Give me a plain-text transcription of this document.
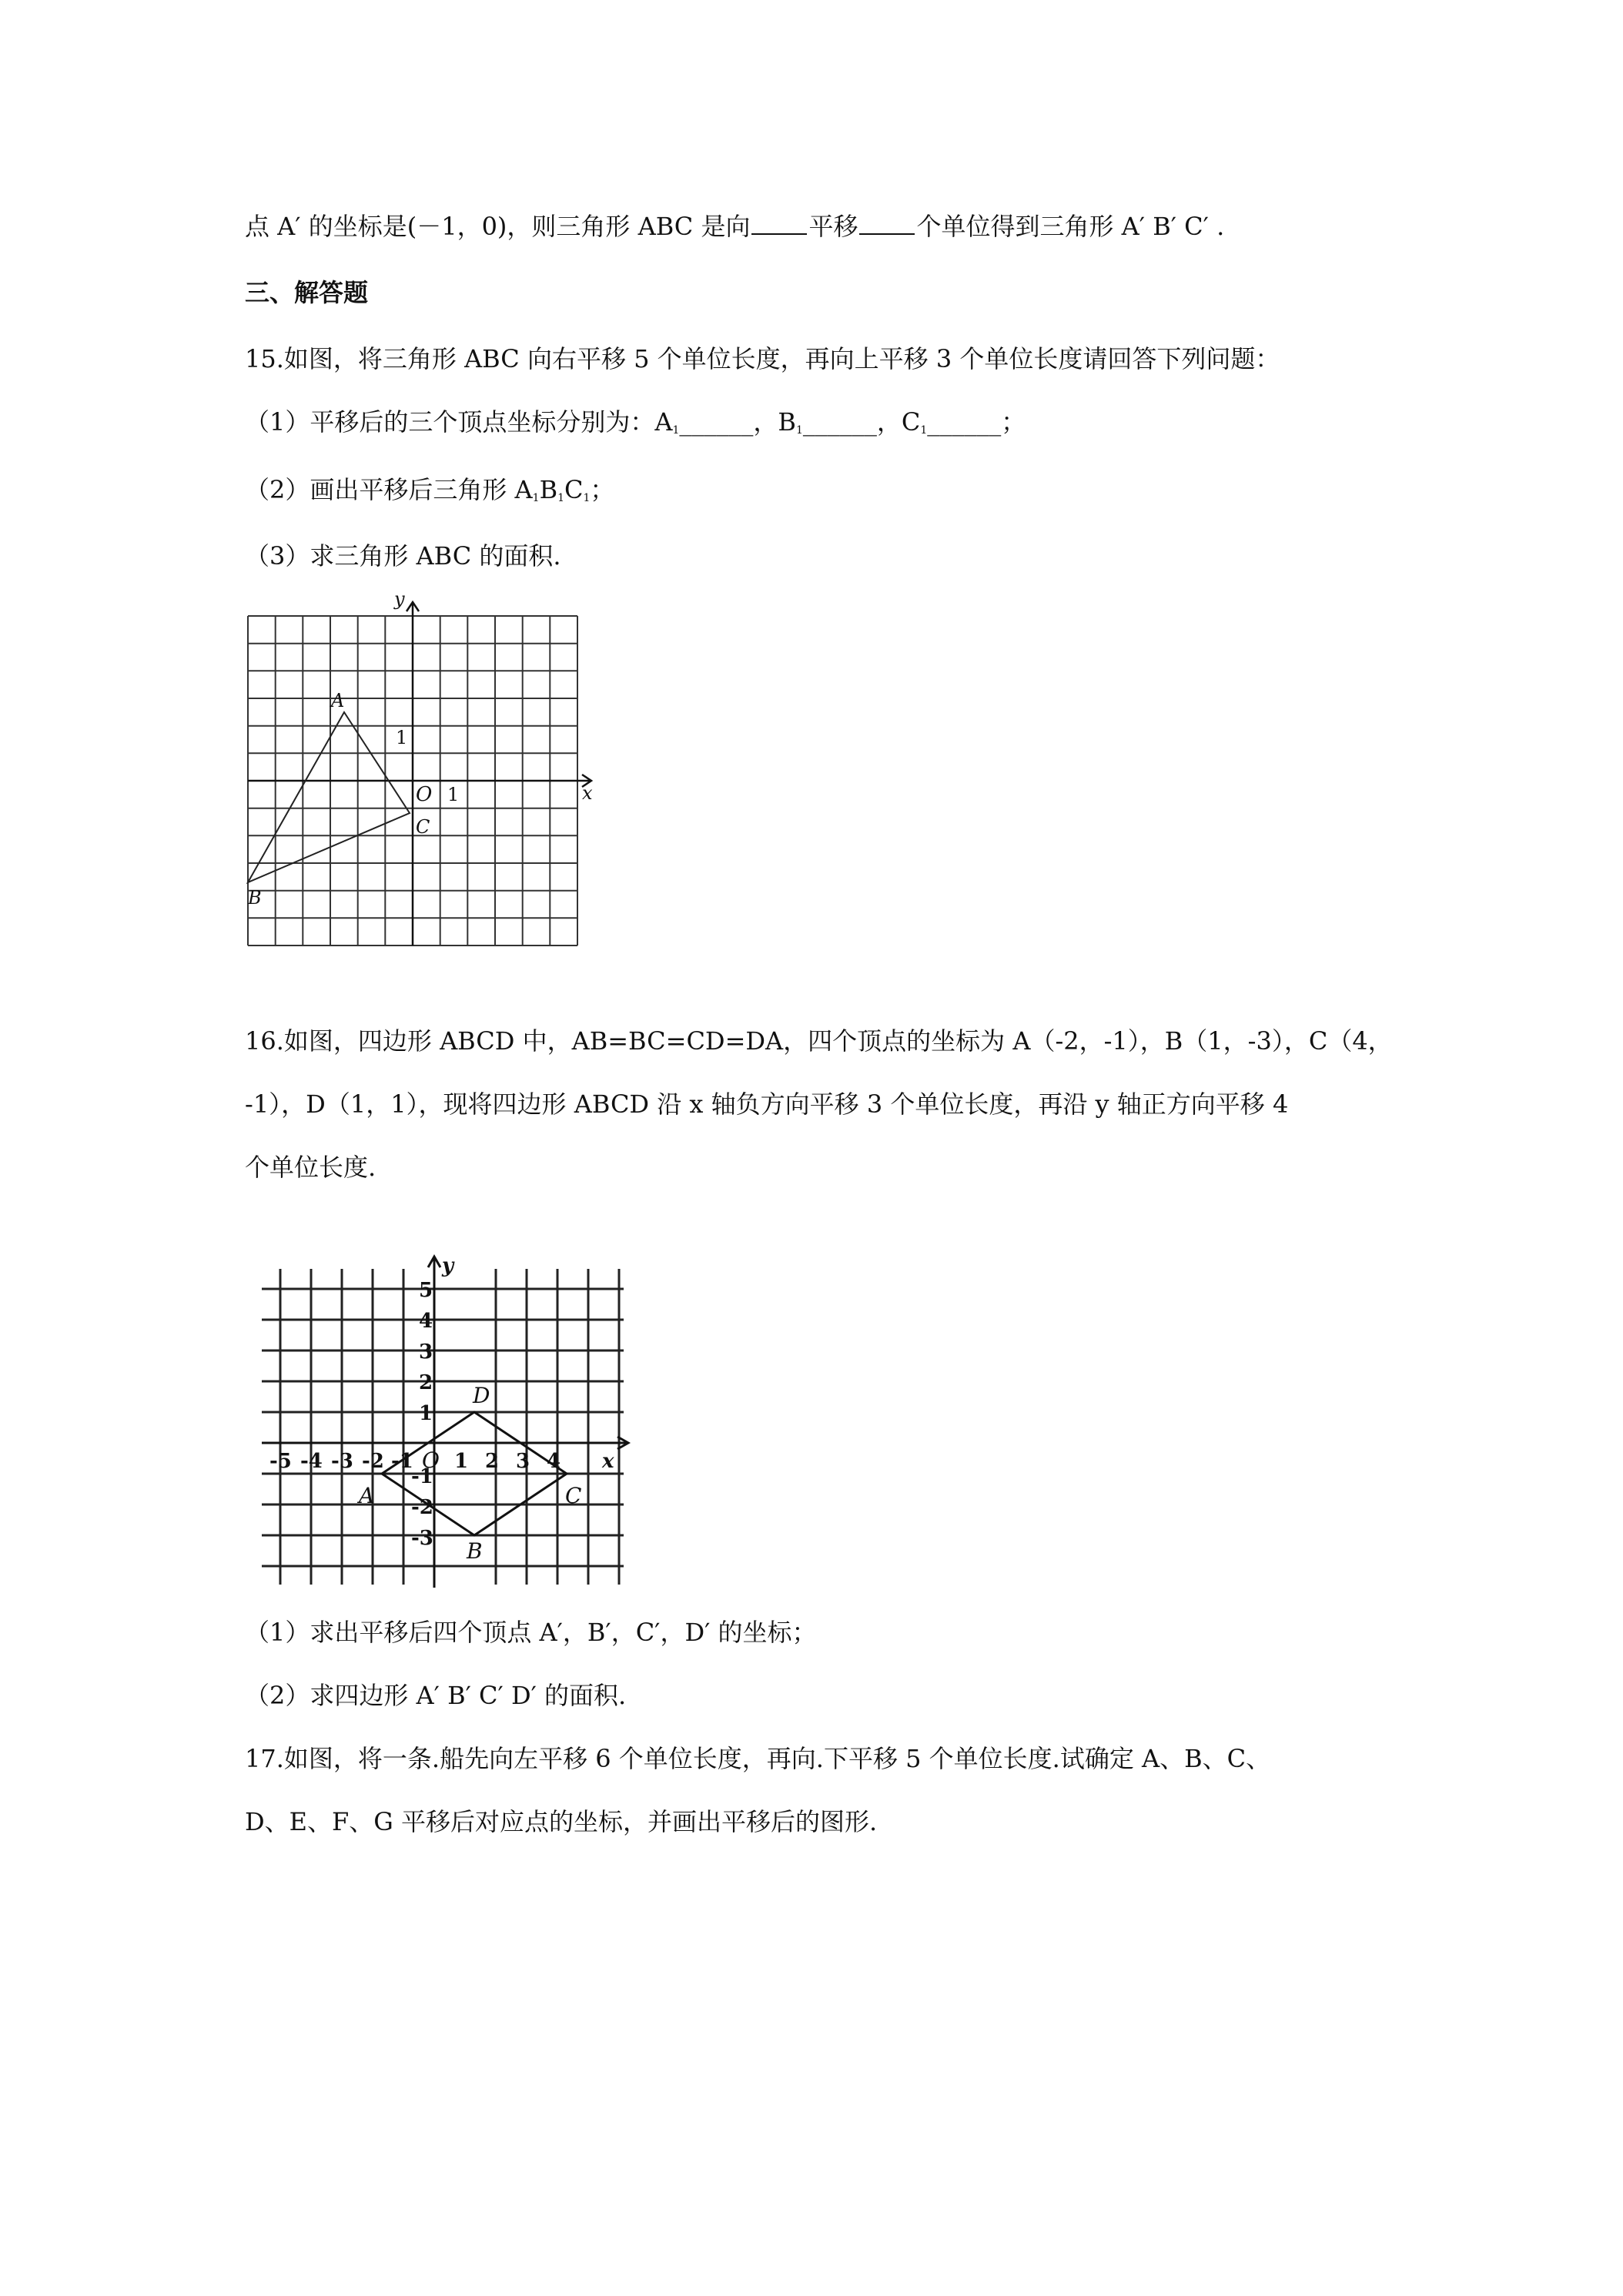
点 A′ 的坐标是(－1，0)，则三角形 ABC 是向 平移 个单位得到三角形 A′ B′ C′ .
三、解答题
15.如图，将三角形 ABC 向右平移 5 个单位长度，再向上平移 3 个单位长度请回答下列问题：
（1）平移后的三个顶点坐标分别为：$A_1\_\_\_\_\_\_$，$B_1\_\_\_\_\_\_$，$C_1\_\_\_\_\_\_$；
（2）画出平移后三角形 $A_1B_1C_1$；
（3）求三角形 ABC 的面积.
y
x
O 1
1
A
B
C
16.如图，四边形 ABCD 中，AB=BC=CD=DA，四个顶点的坐标为 A（-2，-1），B（1，-3），C（4，
-1），D（1，1），现将四边形 ABCD 沿 x 轴负方向平移 3 个单位长度，再沿 y 轴正方向平移 4
个单位长度.
y
x
O
-5 -4 -3 -2 -1 1 2 3 4
5
4
3
2
1
-1
-2
-3
A
B
C
D
（1）求出平移后四个顶点 A′，B′，C′，D′ 的坐标；
（2）求四边形 A′ B′ C′ D′ 的面积.
17.如图，将一条.船先向左平移 6 个单位长度，再向.下平移 5 个单位长度.试确定 A、B、C、
D、E、F、G 平移后对应点的坐标，并画出平移后的图形.
